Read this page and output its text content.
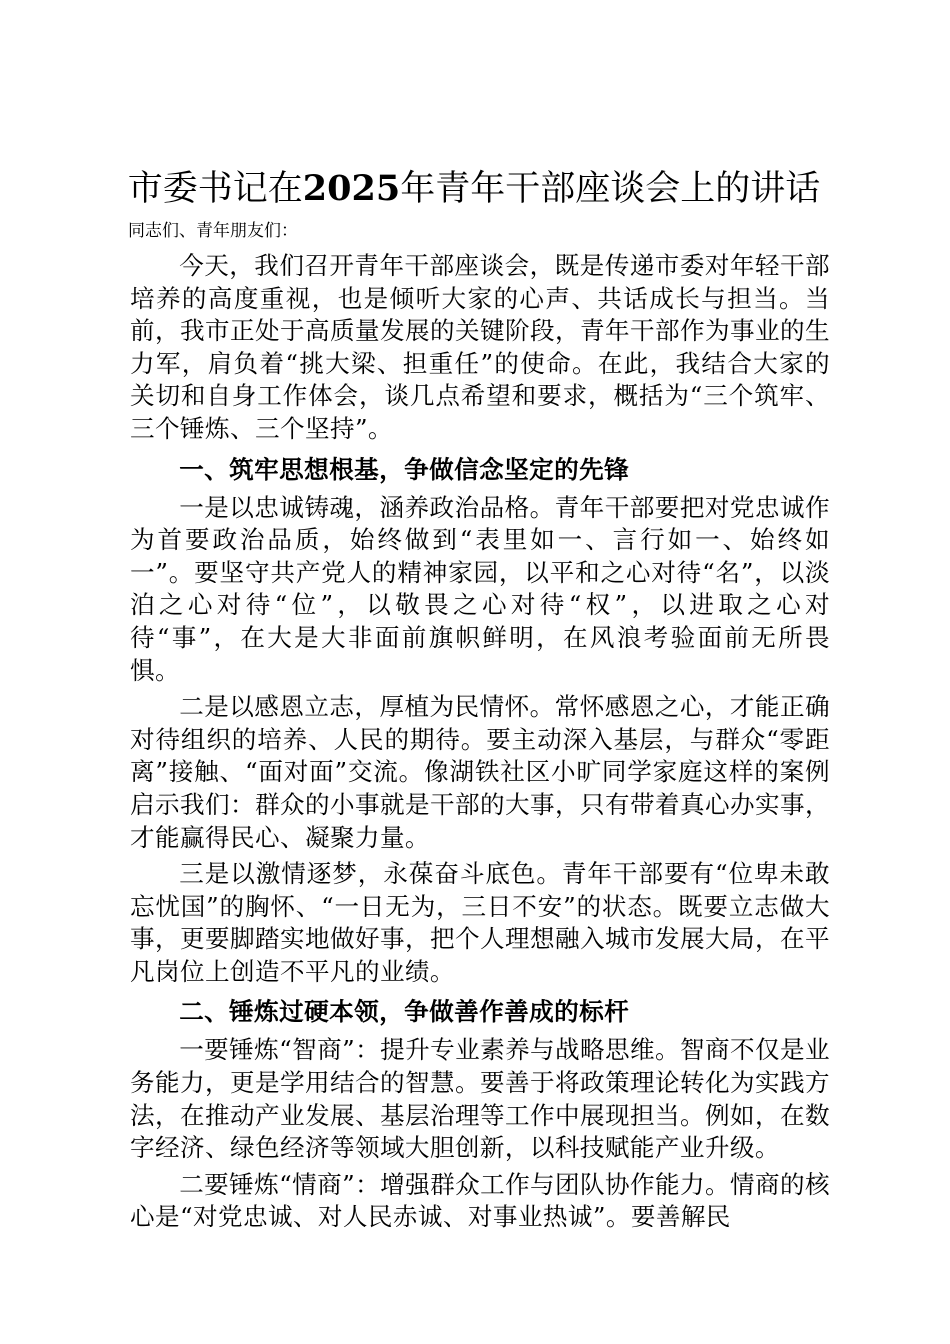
市委书记在2025年青年干部座谈会上的讲话

同志们、青年朋友们：

今天，我们召开青年干部座谈会，既是传递市委对年轻干部培养的高度重视，也是倾听大家的心声、共话成长与担当。当前，我市正处于高质量发展的关键阶段，青年干部作为事业的生力军，肩负着“挑大梁、担重任”的使命。在此，我结合大家的关切和自身工作体会，谈几点希望和要求，概括为“三个筑牢、三个锤炼、三个坚持”。

一、筑牢思想根基，争做信念坚定的先锋

一是以忠诚铸魂，涵养政治品格。青年干部要把对党忠诚作为首要政治品质，始终做到“表里如一、言行如一、始终如一”。要坚守共产党人的精神家园，以平和之心对待“名”，以淡泊之心对待“位”，以敬畏之心对待“权”，以进取之心对待“事”，在大是大非面前旗帜鲜明，在风浪考验面前无所畏惧。

二是以感恩立志，厚植为民情怀。常怀感恩之心，才能正确对待组织的培养、人民的期待。要主动深入基层，与群众“零距离”接触、“面对面”交流。像湖铁社区小旷同学家庭这样的案例启示我们：群众的小事就是干部的大事，只有带着真心办实事，才能赢得民心、凝聚力量。

三是以激情逐梦，永葆奋斗底色。青年干部要有“位卑未敢忘忧国”的胸怀、“一日无为，三日不安”的状态。既要立志做大事，更要脚踏实地做好事，把个人理想融入城市发展大局，在平凡岗位上创造不平凡的业绩。

二、锤炼过硬本领，争做善作善成的标杆

一要锤炼“智商”：提升专业素养与战略思维。智商不仅是业务能力，更是学用结合的智慧。要善于将政策理论转化为实践方法，在推动产业发展、基层治理等工作中展现担当。例如，在数字经济、绿色经济等领域大胆创新，以科技赋能产业升级。

二要锤炼“情商”：增强群众工作与团队协作能力。情商的核心是“对党忠诚、对人民赤诚、对事业热诚”。要善解民
